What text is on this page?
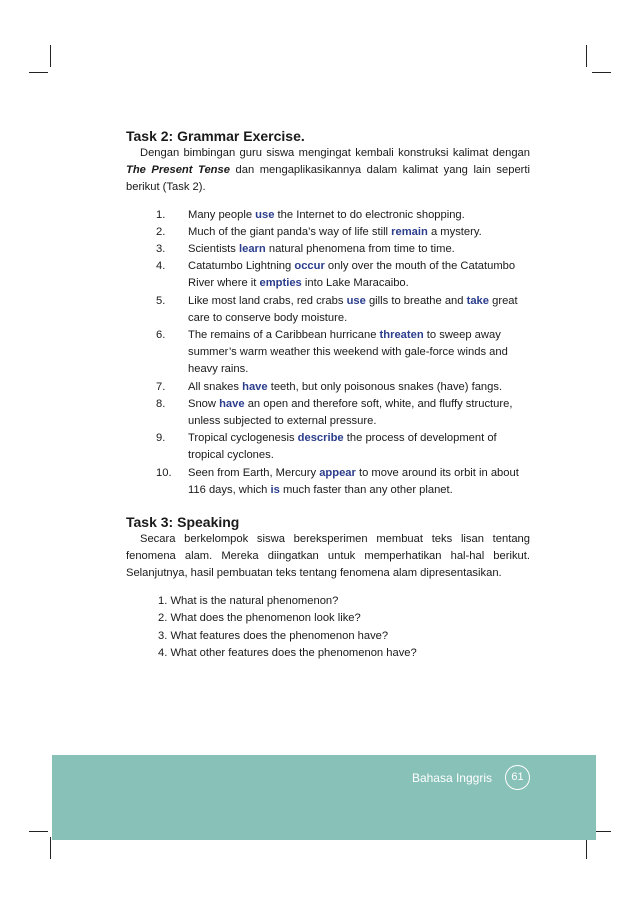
Task 2: Grammar Exercise.

Dengan bimbingan guru siswa mengingat kembali konstruksi kalimat dengan The Present Tense dan mengaplikasikannya dalam kalimat yang lain seperti berikut (Task 2).

1.	Many people use the Internet to do electronic shopping.
2.	Much of the giant panda’s way of life still remain a mystery.
3.	Scientists learn natural phenomena from time to time.
4.	Catatumbo Lightning occur only over the mouth of the Catatumbo River where it empties into Lake Maracaibo.
5.	Like most land crabs, red crabs use gills to breathe and take great care to conserve body moisture.
6.	The remains of a Caribbean hurricane threaten to sweep away summer’s warm weather this weekend with gale-force winds and heavy rains.
7.	All snakes have teeth, but only poisonous snakes (have) fangs.
8.	Snow have an open and therefore soft, white, and fluffy structure, unless subjected to external pressure.
9.	Tropical cyclogenesis describe the process of development of tropical cyclones.
10.	Seen from Earth, Mercury appear to move around its orbit in about 116 days, which is much faster than any other planet.
Task 3: Speaking

Secara berkelompok siswa bereksperimen membuat teks lisan tentang fenomena alam. Mereka diingatkan untuk memperhatikan hal-hal berikut. Selanjutnya, hasil pembuatan teks tentang fenomena alam dipresentasikan.

1. What is the natural phenomenon?
2. What does the phenomenon look like?
3. What features does the phenomenon have?
4. What other features does the phenomenon have?
Bahasa Inggris	61
